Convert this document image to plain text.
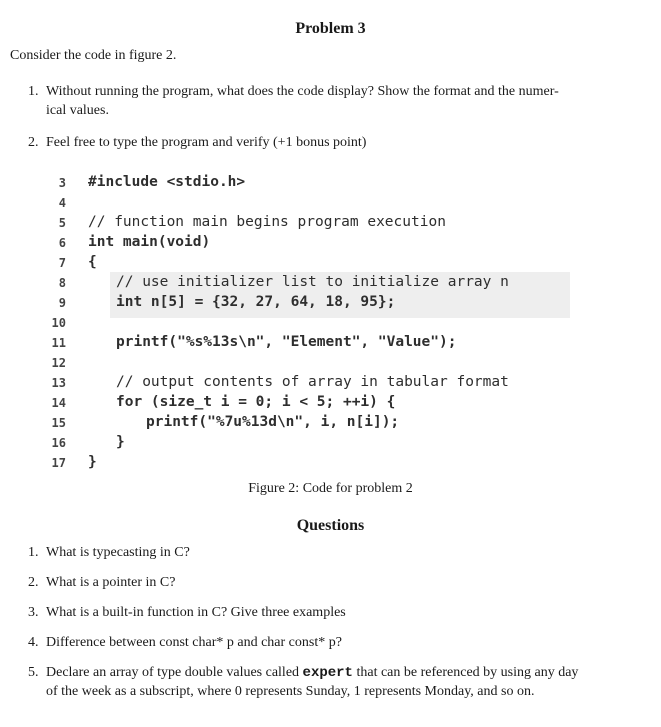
Problem 3
Consider the code in figure 2.
1. Without running the program, what does the code display? Show the format and the numer-
ical values.
2. Feel free to type the program and verify (+1 bonus point)
3
4
5
6
7
8
9
10
11
12
13
14
15
16
17
#include <stdio.h>
// function main begins program execution
int main(void)
{
// use initializer list to initialize array n
int n[5] = {32, 27, 64, 18, 95};
printf("%s%13s\n", "Element", "Value");
// output contents of array in tabular format
for (size_t i = 0; i < 5; ++i) {
printf("%7u%13d\n", i, n[i]);
}
}
Figure 2: Code for problem 2
Questions
1. What is typecasting in C?
2. What is a pointer in C?
3. What is a built-in function in C? Give three examples
4. Difference between const char* p and char const* p?
5. Declare an array of type double values called expert that can be referenced by using any day
of the week as a subscript, where 0 represents Sunday, 1 represents Monday, and so on.
